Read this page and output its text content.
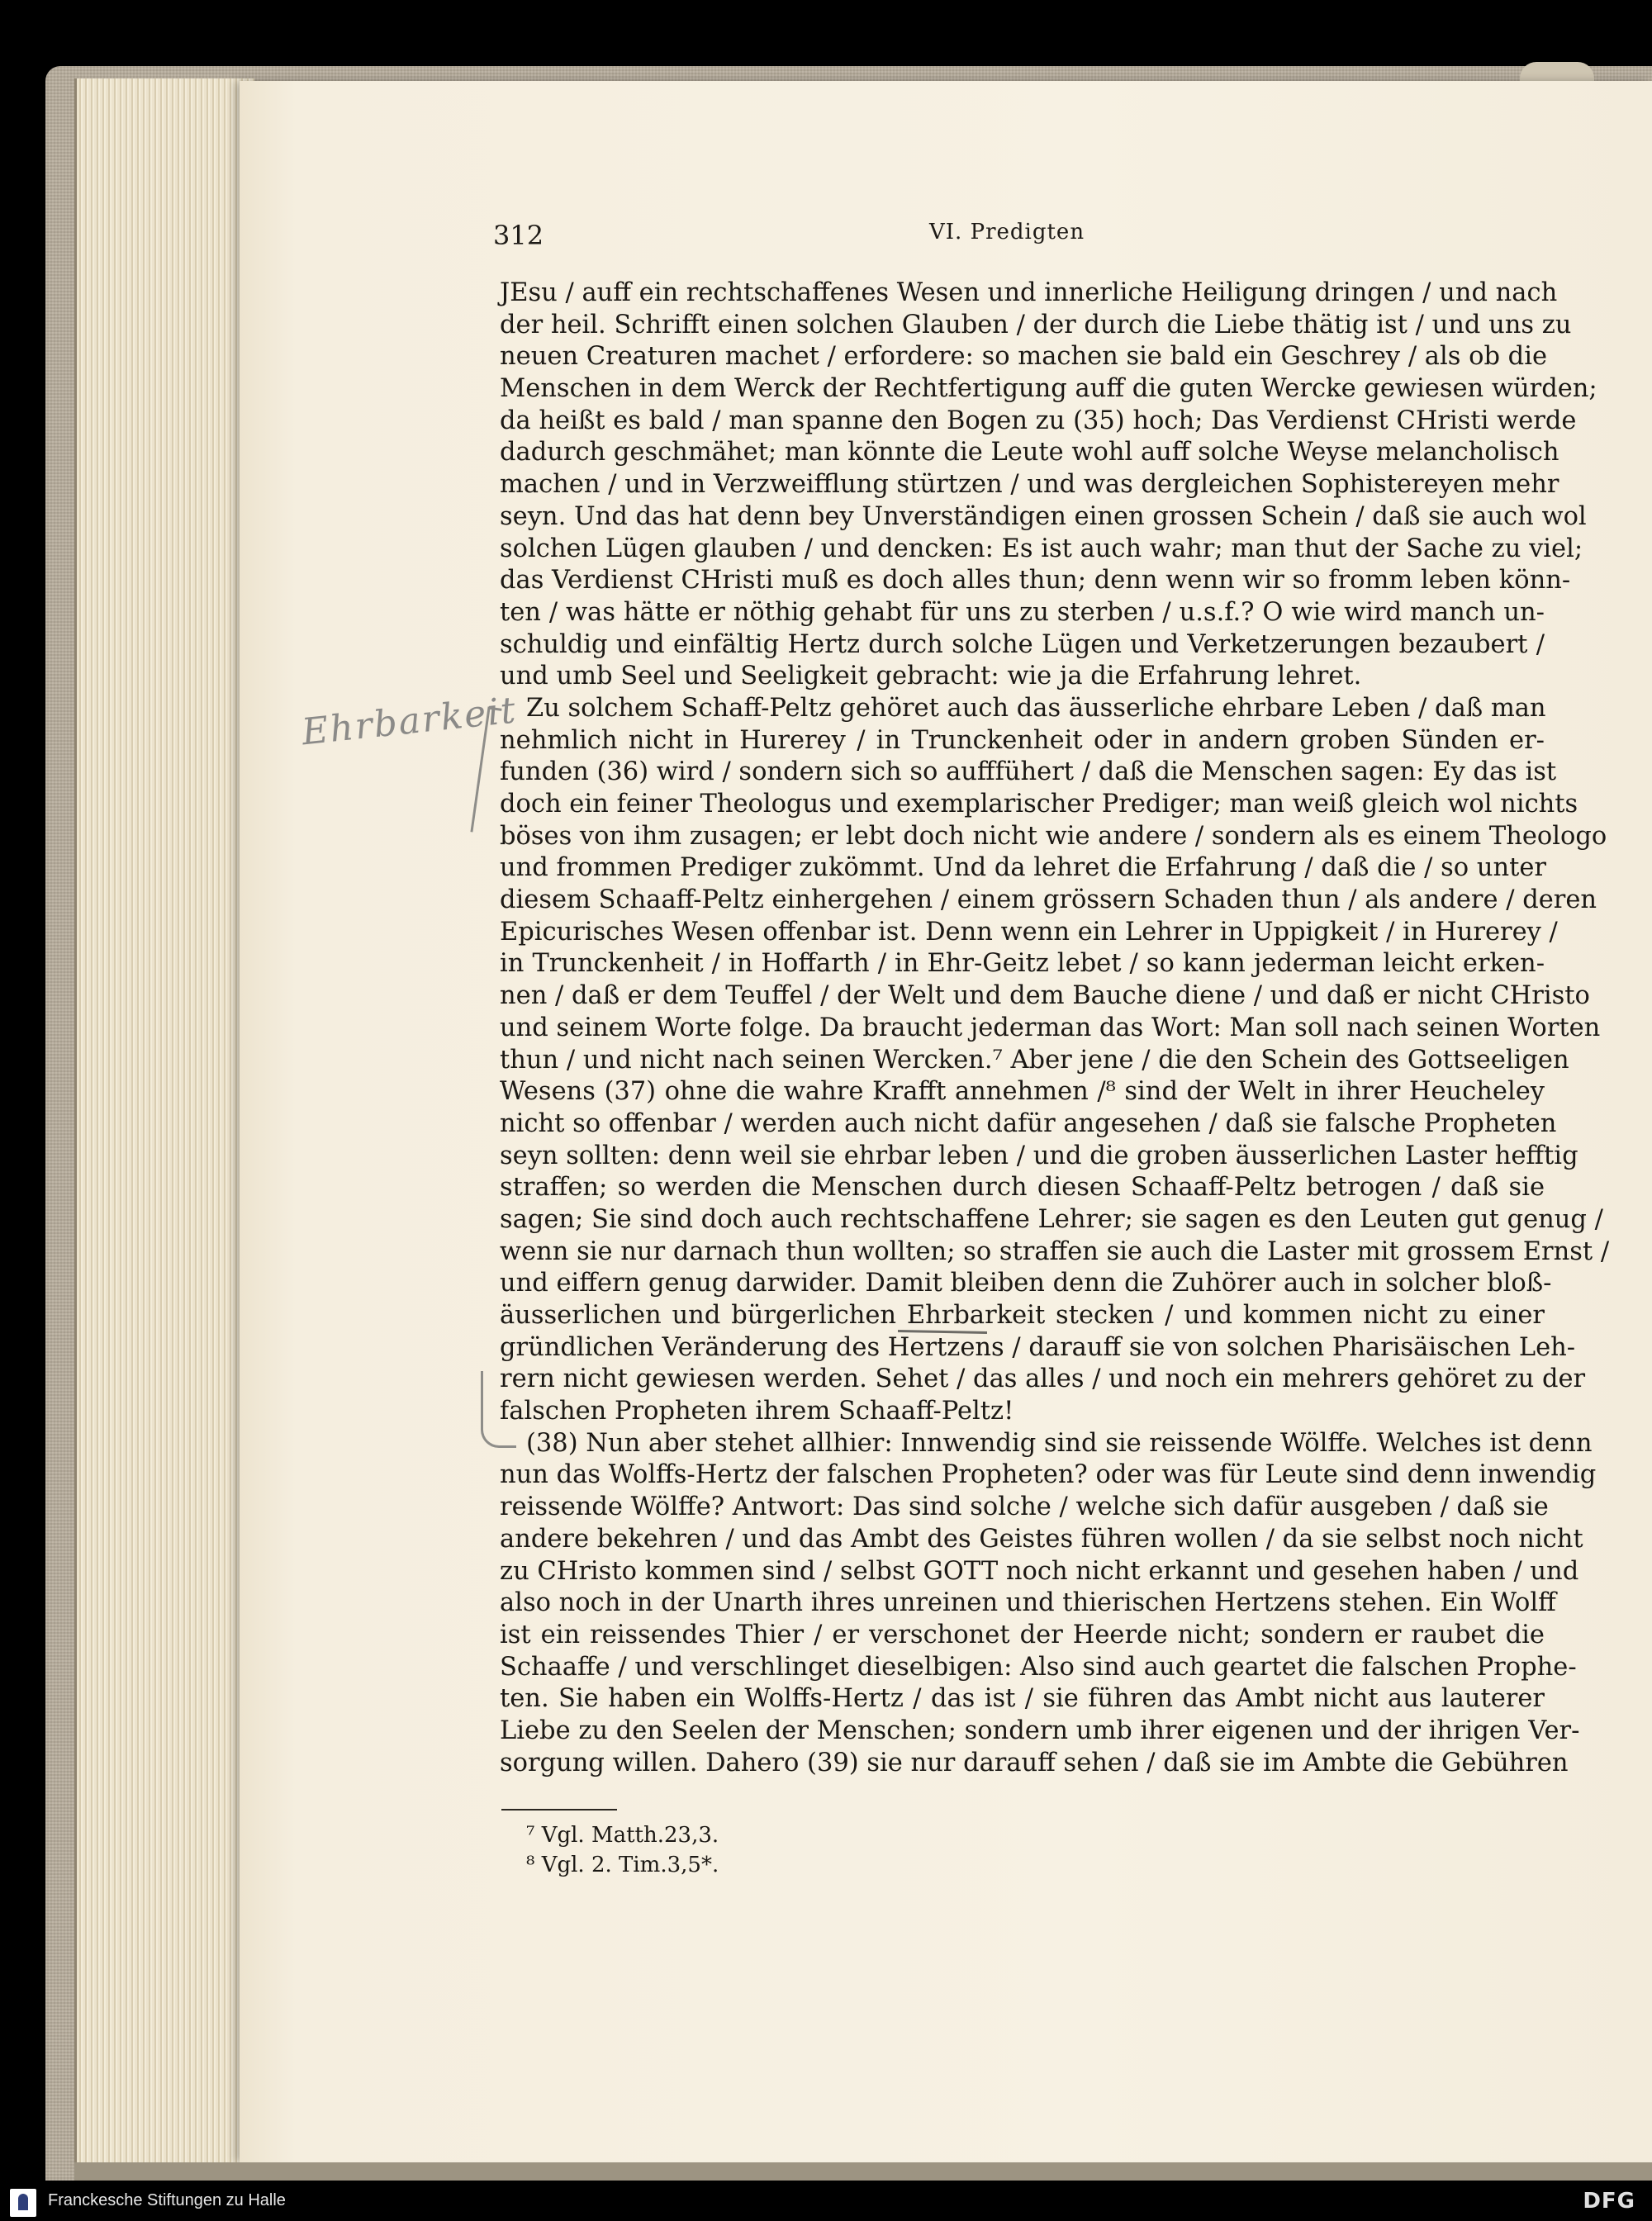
312	VI. Predigten
JEsu / auff ein rechtschaffenes Wesen und innerliche Heiligung dringen / und nach
der heil. Schrifft einen solchen Glauben / der durch die Liebe thätig ist / und uns zu
neuen Creaturen machet / erfordere: so machen sie bald ein Geschrey / als ob die
Menschen in dem Werck der Rechtfertigung auff die guten Wercke gewiesen würden;
da heißt es bald / man spanne den Bogen zu (35) hoch; Das Verdienst CHristi werde
dadurch geschmähet; man könnte die Leute wohl auff solche Weyse melancholisch
machen / und in Verzweifflung stürtzen / und was dergleichen Sophistereyen mehr
seyn. Und das hat denn bey Unverständigen einen grossen Schein / daß sie auch wol
solchen Lügen glauben / und dencken: Es ist auch wahr; man thut der Sache zu viel;
das Verdienst CHristi muß es doch alles thun; denn wenn wir so fromm leben könn-
ten / was hätte er nöthig gehabt für uns zu sterben / u.s.f.? O wie wird manch un-
schuldig und einfältig Hertz durch solche Lügen und Verketzerungen bezaubert /
und umb Seel und Seeligkeit gebracht: wie ja die Erfahrung lehret.
Zu solchem Schaff-Peltz gehöret auch das äusserliche ehrbare Leben / daß man
nehmlich nicht in Hurerey / in Trunckenheit oder in andern groben Sünden er-
funden (36) wird / sondern sich so aufffühert / daß die Menschen sagen: Ey das ist
doch ein feiner Theologus und exemplarischer Prediger; man weiß gleich wol nichts
böses von ihm zusagen; er lebt doch nicht wie andere / sondern als es einem Theologo
und frommen Prediger zukömmt. Und da lehret die Erfahrung / daß die / so unter
diesem Schaaff-Peltz einhergehen / einem grössern Schaden thun / als andere / deren
Epicurisches Wesen offenbar ist. Denn wenn ein Lehrer in Uppigkeit / in Hurerey /
in Trunckenheit / in Hoffarth / in Ehr-Geitz lebet / so kann jederman leicht erken-
nen / daß er dem Teuffel / der Welt und dem Bauche diene / und daß er nicht CHristo
und seinem Worte folge. Da braucht jederman das Wort: Man soll nach seinen Worten
thun / und nicht nach seinen Wercken.⁷ Aber jene / die den Schein des Gottseeligen
Wesens (37) ohne die wahre Krafft annehmen /⁸ sind der Welt in ihrer Heucheley
nicht so offenbar / werden auch nicht dafür angesehen / daß sie falsche Propheten
seyn sollten: denn weil sie ehrbar leben / und die groben äusserlichen Laster hefftig
straffen; so werden die Menschen durch diesen Schaaff-Peltz betrogen / daß sie
sagen; Sie sind doch auch rechtschaffene Lehrer; sie sagen es den Leuten gut genug /
wenn sie nur darnach thun wollten; so straffen sie auch die Laster mit grossem Ernst /
und eiffern genug darwider. Damit bleiben denn die Zuhörer auch in solcher bloß-
äusserlichen und bürgerlichen Ehrbarkeit stecken / und kommen nicht zu einer
gründlichen Veränderung des Hertzens / darauff sie von solchen Pharisäischen Leh-
rern nicht gewiesen werden. Sehet / das alles / und noch ein mehrers gehöret zu der
falschen Propheten ihrem Schaaff-Peltz!
(38) Nun aber stehet allhier: Innwendig sind sie reissende Wölffe. Welches ist denn
nun das Wolffs-Hertz der falschen Propheten? oder was für Leute sind denn inwendig
reissende Wölffe? Antwort: Das sind solche / welche sich dafür ausgeben / daß sie
andere bekehren / und das Ambt des Geistes führen wollen / da sie selbst noch nicht
zu CHristo kommen sind / selbst GOTT noch nicht erkannt und gesehen haben / und
also noch in der Unarth ihres unreinen und thierischen Hertzens stehen. Ein Wolff
ist ein reissendes Thier / er verschonet der Heerde nicht; sondern er raubet die
Schaaffe / und verschlinget dieselbigen: Also sind auch geartet die falschen Prophe-
ten. Sie haben ein Wolffs-Hertz / das ist / sie führen das Ambt nicht aus lauterer
Liebe zu den Seelen der Menschen; sondern umb ihrer eigenen und der ihrigen Ver-
sorgung willen. Dahero (39) sie nur darauff sehen / daß sie im Ambte die Gebühren
⁷ Vgl. Matth.23,3.
⁸ Vgl. 2. Tim.3,5*.
Ehrbarkeit
Franckesche Stiftungen zu Halle	DFG
